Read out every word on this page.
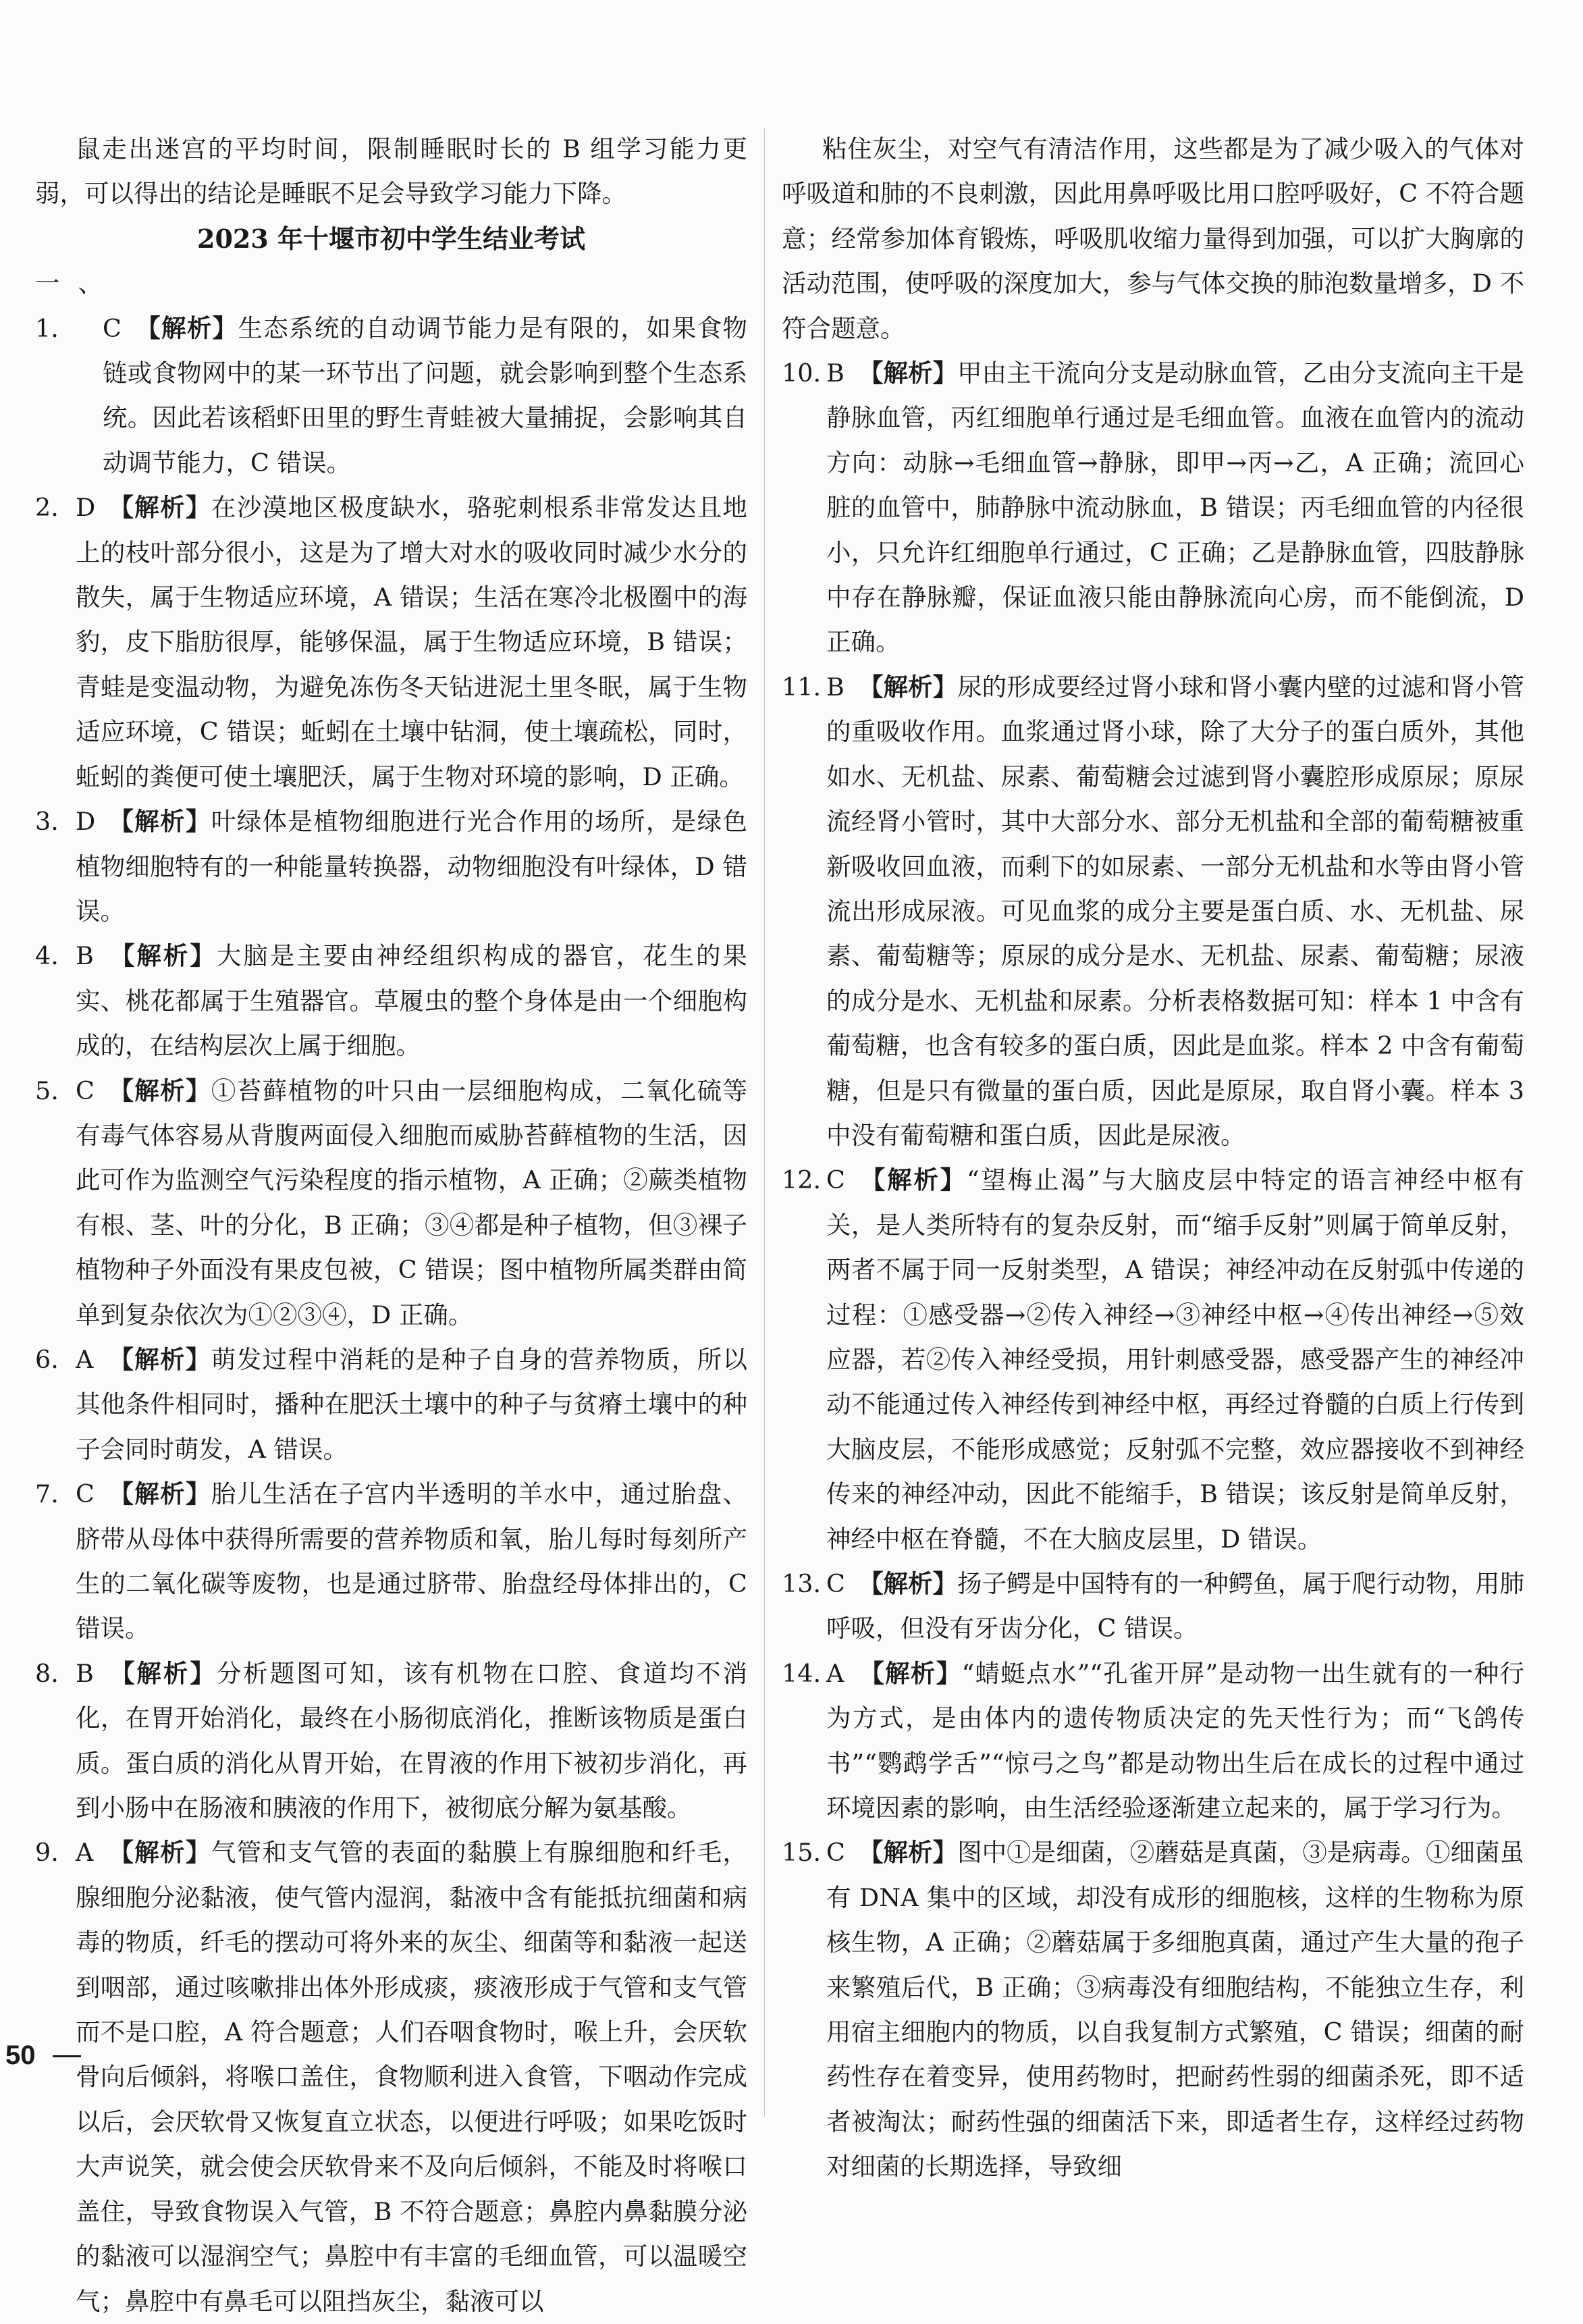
鼠走出迷宫的平均时间，限制睡眠时长的 B 组学习能力更弱，可以得出的结论是睡眠不足会导致学习能力下降。

2023 年十堰市初中学生结业考试

一、1. C 【解析】生态系统的自动调节能力是有限的，如果食物链或食物网中的某一环节出了问题，就会影响到整个生态系统。因此若该稻虾田里的野生青蛙被大量捕捉，会影响其自动调节能力，C 错误。

2. D 【解析】在沙漠地区极度缺水，骆驼刺根系非常发达且地上的枝叶部分很小，这是为了增大对水的吸收同时减少水分的散失，属于生物适应环境，A 错误；生活在寒冷北极圈中的海豹，皮下脂肪很厚，能够保温，属于生物适应环境，B 错误；青蛙是变温动物，为避免冻伤冬天钻进泥土里冬眠，属于生物适应环境，C 错误；蚯蚓在土壤中钻洞，使土壤疏松，同时，蚯蚓的粪便可使土壤肥沃，属于生物对环境的影响，D 正确。

3. D 【解析】叶绿体是植物细胞进行光合作用的场所，是绿色植物细胞特有的一种能量转换器，动物细胞没有叶绿体，D 错误。

4. B 【解析】大脑是主要由神经组织构成的器官，花生的果实、桃花都属于生殖器官。草履虫的整个身体是由一个细胞构成的，在结构层次上属于细胞。

5. C 【解析】①苔藓植物的叶只由一层细胞构成，二氧化硫等有毒气体容易从背腹两面侵入细胞而威胁苔藓植物的生活，因此可作为监测空气污染程度的指示植物，A 正确；②蕨类植物有根、茎、叶的分化，B 正确；③④都是种子植物，但③裸子植物种子外面没有果皮包被，C 错误；图中植物所属类群由简单到复杂依次为①②③④，D 正确。

6. A 【解析】萌发过程中消耗的是种子自身的营养物质，所以其他条件相同时，播种在肥沃土壤中的种子与贫瘠土壤中的种子会同时萌发，A 错误。

7. C 【解析】胎儿生活在子宫内半透明的羊水中，通过胎盘、脐带从母体中获得所需要的营养物质和氧，胎儿每时每刻所产生的二氧化碳等废物，也是通过脐带、胎盘经母体排出的，C 错误。

8. B 【解析】分析题图可知，该有机物在口腔、食道均不消化，在胃开始消化，最终在小肠彻底消化，推断该物质是蛋白质。蛋白质的消化从胃开始，在胃液的作用下被初步消化，再到小肠中在肠液和胰液的作用下，被彻底分解为氨基酸。

9. A 【解析】气管和支气管的表面的黏膜上有腺细胞和纤毛，腺细胞分泌黏液，使气管内湿润，黏液中含有能抵抗细菌和病毒的物质，纤毛的摆动可将外来的灰尘、细菌等和黏液一起送到咽部，通过咳嗽排出体外形成痰，痰液形成于气管和支气管而不是口腔，A 符合题意；人们吞咽食物时，喉上升，会厌软骨向后倾斜，将喉口盖住，食物顺利进入食管，下咽动作完成以后，会厌软骨又恢复直立状态，以便进行呼吸；如果吃饭时大声说笑，就会使会厌软骨来不及向后倾斜，不能及时将喉口盖住，导致食物误入气管，B 不符合题意；鼻腔内鼻黏膜分泌的黏液可以湿润空气；鼻腔中有丰富的毛细血管，可以温暖空气；鼻腔中有鼻毛可以阻挡灰尘，黏液可以

粘住灰尘，对空气有清洁作用，这些都是为了减少吸入的气体对呼吸道和肺的不良刺激，因此用鼻呼吸比用口腔呼吸好，C 不符合题意；经常参加体育锻炼，呼吸肌收缩力量得到加强，可以扩大胸廓的活动范围，使呼吸的深度加大，参与气体交换的肺泡数量增多，D 不符合题意。

10. B 【解析】甲由主干流向分支是动脉血管，乙由分支流向主干是静脉血管，丙红细胞单行通过是毛细血管。血液在血管内的流动方向：动脉→毛细血管→静脉，即甲→丙→乙，A 正确；流回心脏的血管中，肺静脉中流动脉血，B 错误；丙毛细血管的内径很小，只允许红细胞单行通过，C 正确；乙是静脉血管，四肢静脉中存在静脉瓣，保证血液只能由静脉流向心房，而不能倒流，D 正确。

11. B 【解析】尿的形成要经过肾小球和肾小囊内壁的过滤和肾小管的重吸收作用。血浆通过肾小球，除了大分子的蛋白质外，其他如水、无机盐、尿素、葡萄糖会过滤到肾小囊腔形成原尿；原尿流经肾小管时，其中大部分水、部分无机盐和全部的葡萄糖被重新吸收回血液，而剩下的如尿素、一部分无机盐和水等由肾小管流出形成尿液。可见血浆的成分主要是蛋白质、水、无机盐、尿素、葡萄糖等；原尿的成分是水、无机盐、尿素、葡萄糖；尿液的成分是水、无机盐和尿素。分析表格数据可知：样本 1 中含有葡萄糖，也含有较多的蛋白质，因此是血浆。样本 2 中含有葡萄糖，但是只有微量的蛋白质，因此是原尿，取自肾小囊。样本 3 中没有葡萄糖和蛋白质，因此是尿液。

12. C 【解析】“望梅止渴”与大脑皮层中特定的语言神经中枢有关，是人类所特有的复杂反射，而“缩手反射”则属于简单反射，两者不属于同一反射类型，A 错误；神经冲动在反射弧中传递的过程：①感受器→②传入神经→③神经中枢→④传出神经→⑤效应器，若②传入神经受损，用针刺感受器，感受器产生的神经冲动不能通过传入神经传到神经中枢，再经过脊髓的白质上行传到大脑皮层，不能形成感觉；反射弧不完整，效应器接收不到神经传来的神经冲动，因此不能缩手，B 错误；该反射是简单反射，神经中枢在脊髓，不在大脑皮层里，D 错误。

13. C 【解析】扬子鳄是中国特有的一种鳄鱼，属于爬行动物，用肺呼吸，但没有牙齿分化，C 错误。

14. A 【解析】“蜻蜓点水”“孔雀开屏”是动物一出生就有的一种行为方式，是由体内的遗传物质决定的先天性行为；而“飞鸽传书”“鹦鹉学舌”“惊弓之鸟”都是动物出生后在成长的过程中通过环境因素的影响，由生活经验逐渐建立起来的，属于学习行为。

15. C 【解析】图中①是细菌，②蘑菇是真菌，③是病毒。①细菌虽有 DNA 集中的区域，却没有成形的细胞核，这样的生物称为原核生物，A 正确；②蘑菇属于多细胞真菌，通过产生大量的孢子来繁殖后代，B 正确；③病毒没有细胞结构，不能独立生存，利用宿主细胞内的物质，以自我复制方式繁殖，C 错误；细菌的耐药性存在着变异，使用药物时，把耐药性弱的细菌杀死，即不适者被淘汰；耐药性强的细菌活下来，即适者生存，这样经过药物对细菌的长期选择，导致细

50
